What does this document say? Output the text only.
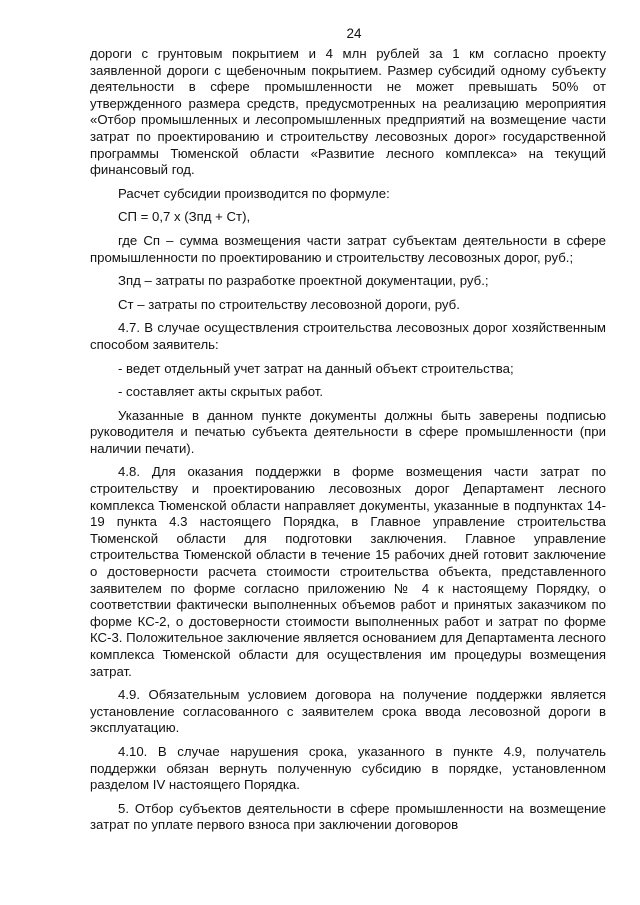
24

дороги с грунтовым покрытием и 4 млн рублей за 1 км согласно проекту заявленной дороги с щебеночным покрытием. Размер субсидий одному субъекту деятельности в сфере промышленности не может превышать 50% от утвержденного размера средств, предусмотренных на реализацию мероприятия «Отбор промышленных и лесопромышленных предприятий на возмещение части затрат по проектированию и строительству лесовозных дорог» государственной программы Тюменской области «Развитие лесного комплекса» на текущий финансовый год.

Расчет субсидии производится по формуле:

СП = 0,7 х (Зпд + Ст),

где Сп – сумма возмещения части затрат субъектам деятельности в сфере промышленности по проектированию и строительству лесовозных дорог, руб.;

Зпд – затраты по разработке проектной документации, руб.;

Ст – затраты по строительству лесовозной дороги, руб.

4.7. В случае осуществления строительства лесовозных дорог хозяйственным способом заявитель:

- ведет отдельный учет затрат на данный объект строительства;

- составляет акты скрытых работ.

Указанные в данном пункте документы должны быть заверены подписью руководителя и печатью субъекта деятельности в сфере промышленности (при наличии печати).

4.8. Для оказания поддержки в форме возмещения части затрат по строительству и проектированию лесовозных дорог Департамент лесного комплекса Тюменской области направляет документы, указанные в подпунктах 14-19 пункта 4.3 настоящего Порядка, в Главное управление строительства Тюменской области для подготовки заключения. Главное управление строительства Тюменской области в течение 15 рабочих дней готовит заключение о достоверности расчета стоимости строительства объекта, представленного заявителем по форме согласно приложению № 4 к настоящему Порядку, о соответствии фактически выполненных объемов работ и принятых заказчиком по форме КС-2, о достоверности стоимости выполненных работ и затрат по форме КС-3. Положительное заключение является основанием для Департамента лесного комплекса Тюменской области для осуществления им процедуры возмещения затрат.

4.9. Обязательным условием договора на получение поддержки является установление согласованного с заявителем срока ввода лесовозной дороги в эксплуатацию.

4.10. В случае нарушения срока, указанного в пункте 4.9, получатель поддержки обязан вернуть полученную субсидию в порядке, установленном разделом IV настоящего Порядка.

5. Отбор субъектов деятельности в сфере промышленности на возмещение затрат по уплате первого взноса при заключении договоров
